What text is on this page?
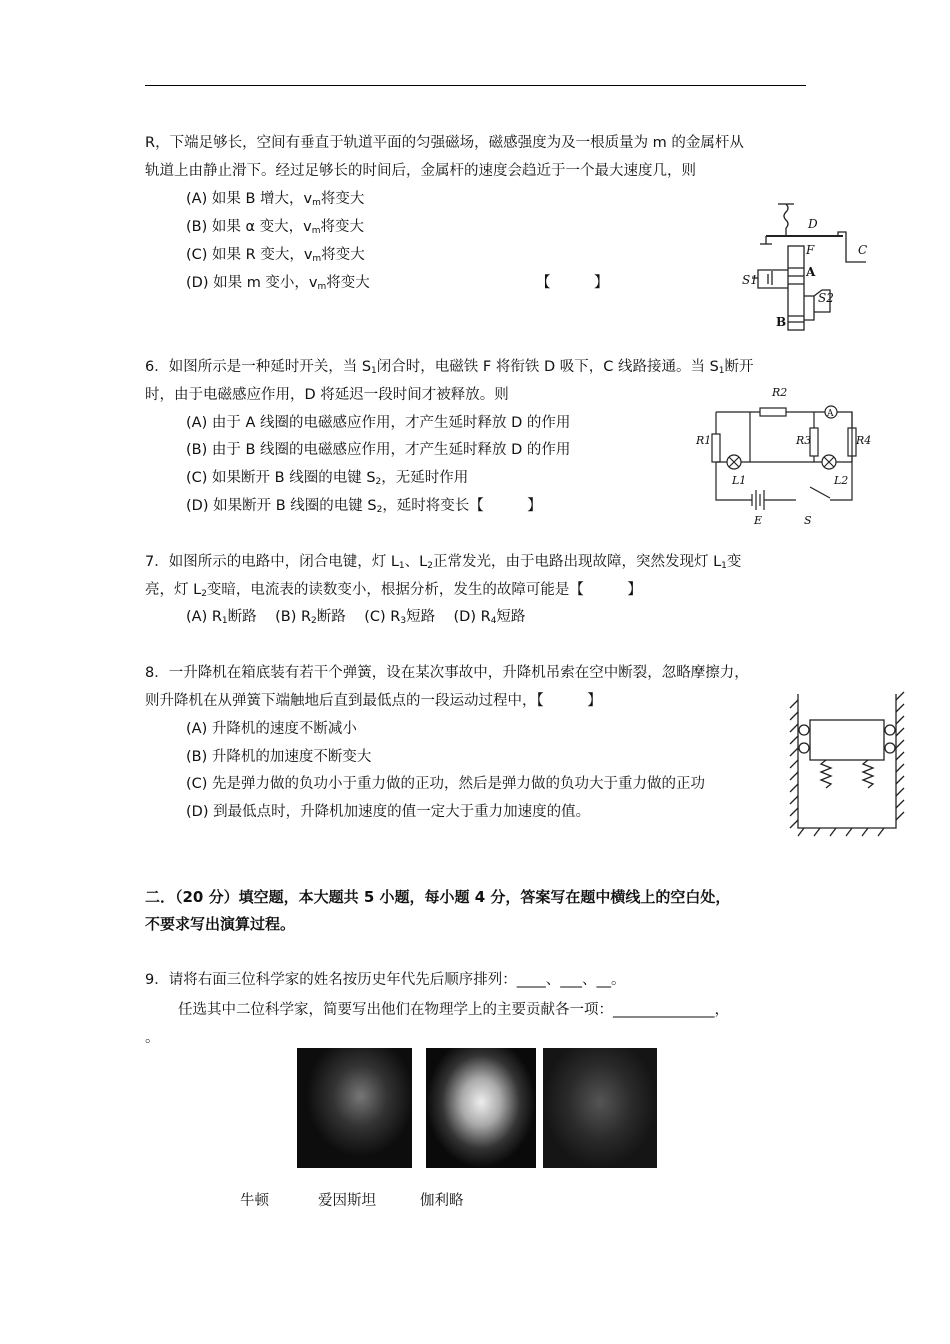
R，下端足够长，空间有垂直于轨道平面的匀强磁场，磁感强度为及一根质量为 m 的金属杆从
轨道上由静止滑下。经过足够长的时间后，金属杆的速度会趋近于一个最大速度几，则
(A) 如果 B 增大，$v_m$将变大
(B) 如果 α 变大，$v_m$将变大
(C) 如果 R 变大，$v_m$将变大
(D) 如果 m 变小，$v_m$将变大	【　　　】
D
F	C
A
B
S1
S2
6．如图所示是一种延时开关，当 $S_1$闭合时，电磁铁 F 将衔铁 D 吸下，C 线路接通。当 $S_1$断开
时，由于电磁感应作用，D 将延迟一段时间才被释放。则
(A) 由于 A 线圈的电磁感应作用，才产生延时释放 D 的作用
(B) 由于 B 线圈的电磁感应作用，才产生延时释放 D 的作用
(C) 如果断开 B 线圈的电键 $S_2$，无延时作用
(D) 如果断开 B 线圈的电键 $S_2$，延时将变长【　　　】
A
R2
R1	R3	R4
L1	L2
E	S
7．如图所示的电路中，闭合电键，灯 $L_1$、$L_2$正常发光，由于电路出现故障，突然发现灯 $L_1$变
亮，灯 $L_2$变暗，电流表的读数变小，根据分析，发生的故障可能是【　　　】
(A) $R_1$断路 (B) $R_2$断路 (C) $R_3$短路 (D) $R_4$短路
8．一升降机在箱底装有若干个弹簧，设在某次事故中，升降机吊索在空中断裂，忽略摩擦力，
则升降机在从弹簧下端触地后直到最低点的一段运动过程中，【　　　】
(A) 升降机的速度不断减小
(B) 升降机的加速度不断变大
(C) 先是弹力做的负功小于重力做的正功，然后是弹力做的负功大于重力做的正功
(D) 到最低点时，升降机加速度的值一定大于重力加速度的值。
二．（20 分）填空题，本大题共 5 小题，每小题 4 分，答案写在题中横线上的空白处，
不要求写出演算过程。
9．请将右面三位科学家的姓名按历史年代先后顺序排列：____、___、__。
任选其中二位科学家，简要写出他们在物理学上的主要贡献各一项：______________，
。
牛顿	爱因斯坦	伽利略
